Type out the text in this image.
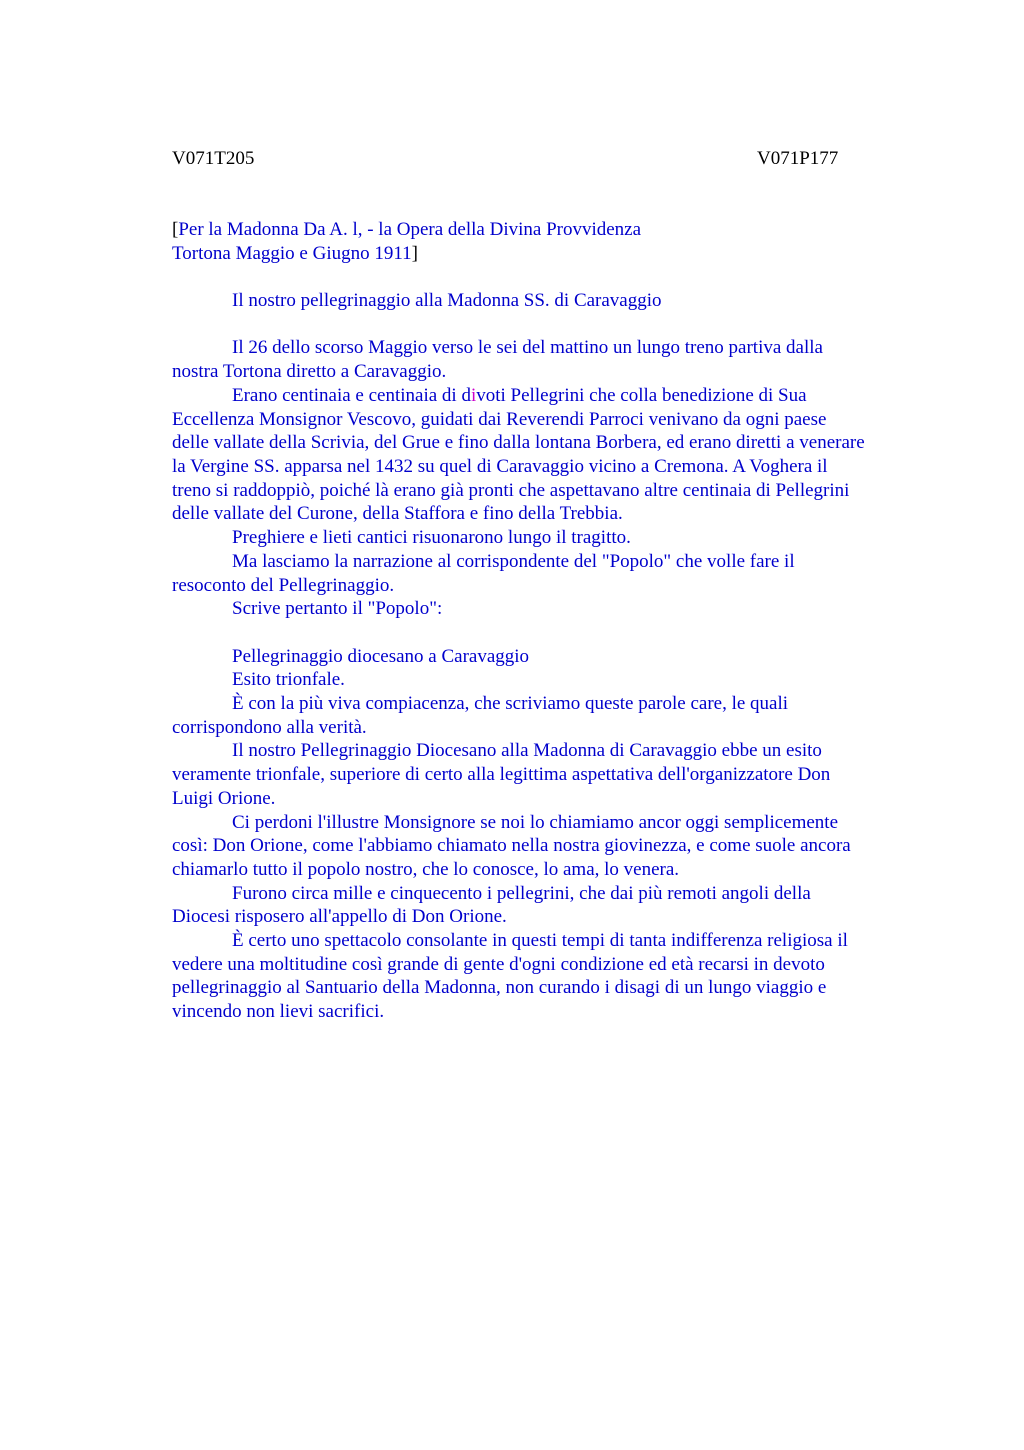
V071T205	V071P177
[Per la Madonna Da A. l, - la Opera della Divina Provvidenza
Tortona Maggio e Giugno 1911]
Il nostro pellegrinaggio alla Madonna SS. di Caravaggio
Il 26 dello scorso Maggio verso le sei del mattino un lungo treno partiva dalla
nostra Tortona diretto a Caravaggio.
Erano centinaia e centinaia di divoti Pellegrini che colla benedizione di Sua
Eccellenza Monsignor Vescovo, guidati dai Reverendi Parroci venivano da ogni paese
delle vallate della Scrivia, del Grue e fino dalla lontana Borbera, ed erano diretti a venerare
la Vergine SS. apparsa nel 1432 su quel di Caravaggio vicino a Cremona. A Voghera il
treno si raddoppiò, poiché là erano già pronti che aspettavano altre centinaia di Pellegrini
delle vallate del Curone, della Staffora e fino della Trebbia.
Preghiere e lieti cantici risuonarono lungo il tragitto.
Ma lasciamo la narrazione al corrispondente del "Popolo" che volle fare il
resoconto del Pellegrinaggio.
Scrive pertanto il "Popolo":
Pellegrinaggio diocesano a Caravaggio
Esito trionfale.
È con la più viva compiacenza, che scriviamo queste parole care, le quali
corrispondono alla verità.
Il nostro Pellegrinaggio Diocesano alla Madonna di Caravaggio ebbe un esito
veramente trionfale, superiore di certo alla legittima aspettativa dell'organizzatore Don
Luigi Orione.
Ci perdoni l'illustre Monsignore se noi lo chiamiamo ancor oggi semplicemente
così: Don Orione, come l'abbiamo chiamato nella nostra giovinezza, e come suole ancora
chiamarlo tutto il popolo nostro, che lo conosce, lo ama, lo venera.
Furono circa mille e cinquecento i pellegrini, che dai più remoti angoli della
Diocesi risposero all'appello di Don Orione.
È certo uno spettacolo consolante in questi tempi di tanta indifferenza religiosa il
vedere una moltitudine così grande di gente d'ogni condizione ed età recarsi in devoto
pellegrinaggio al Santuario della Madonna, non curando i disagi di un lungo viaggio e
vincendo non lievi sacrifici.
